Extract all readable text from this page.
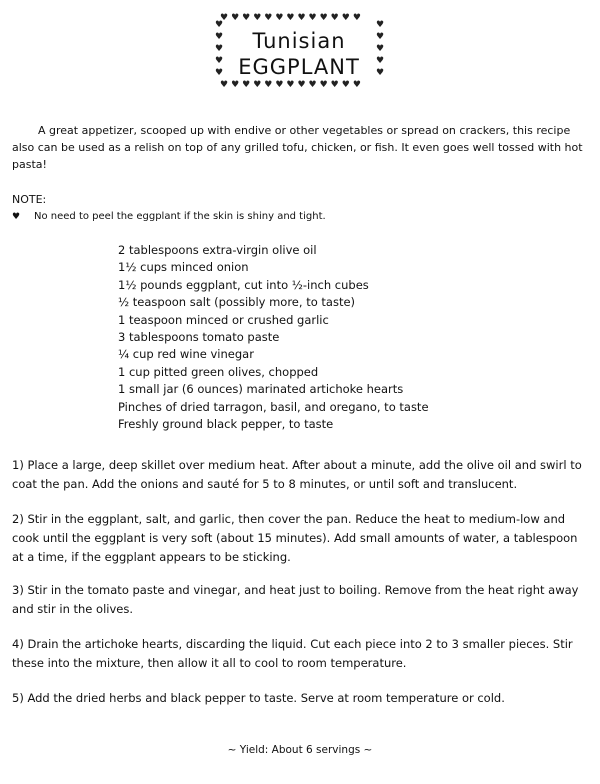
♥♥♥♥♥♥♥♥♥♥♥♥♥
♥♥♥♥♥	♥♥♥♥♥
♥♥♥♥♥♥♥♥♥♥♥♥♥
Tunisian
EGGPLANT

A great appetizer, scooped up with endive or other vegetables or spread on crackers, this recipe also can be used as a relish on top of any grilled tofu, chicken, or fish. It even goes well tossed with hot pasta!

NOTE:
♥	No need to peel the eggplant if the skin is shiny and tight.
2 tablespoons extra-virgin olive oil
1½ cups minced onion
1½ pounds eggplant, cut into ½-inch cubes
½ teaspoon salt (possibly more, to taste)
1 teaspoon minced or crushed garlic
3 tablespoons tomato paste
¼ cup red wine vinegar
1 cup pitted green olives, chopped
1 small jar (6 ounces) marinated artichoke hearts
Pinches of dried tarragon, basil, and oregano, to taste
Freshly ground black pepper, to taste
1) Place a large, deep skillet over medium heat. After about a minute, add the olive oil and swirl to coat the pan. Add the onions and sauté for 5 to 8 minutes, or until soft and translucent.
2) Stir in the eggplant, salt, and garlic, then cover the pan. Reduce the heat to medium-low and cook until the eggplant is very soft (about 15 minutes). Add small amounts of water, a tablespoon at a time, if the eggplant appears to be sticking.
3) Stir in the tomato paste and vinegar, and heat just to boiling. Remove from the heat right away and stir in the olives.
4) Drain the artichoke hearts, discarding the liquid. Cut each piece into 2 to 3 smaller pieces. Stir these into the mixture, then allow it all to cool to room temperature.
5) Add the dried herbs and black pepper to taste. Serve at room temperature or cold.
~ Yield: About 6 servings ~
